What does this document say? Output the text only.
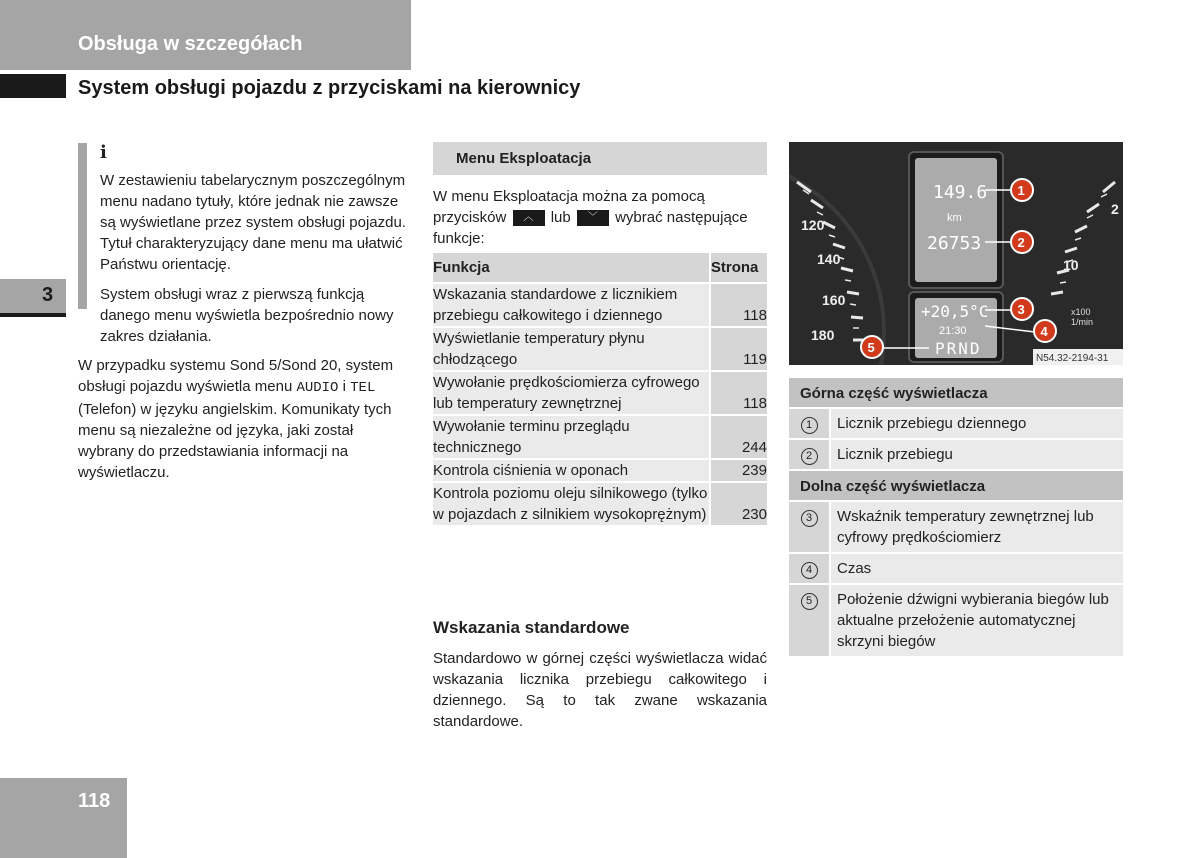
Obsługa w szczegółach
System obsługi pojazdu z przyciskami na kierownicy
3
118
i
W zestawieniu tabelarycznym poszczególnym menu nadano tytuły, które jednak nie zawsze są wyświetlane przez system obsługi pojazdu. Tytuł charakteryzujący dane menu ma ułatwić Państwu orientację.
System obsługi wraz z pierwszą funkcją danego menu wyświetla bezpośrednio nowy zakres działania.
W przypadku systemu Sond 5/Sond 20, system obsługi pojazdu wyświetla menu AUDIO i TEL (Telefon) w języku angielskim. Komunikaty tych menu są niezależne od języka, jaki został wybrany do przedstawiania informacji na wyświetlaczu.
Menu Eksploatacja
W menu Eksploatacja można za pomocą przycisków ︿ lub ﹀ wybrać następujące funkcje:
Funkcja	Strona
Wskazania standardowe z licznikiem przebiegu całkowitego i dziennego	118
Wyświetlanie temperatury płynu chłodzącego	119
Wywołanie prędkościomierza cyfrowego lub temperatury zewnętrznej	118
Wywołanie terminu przeglądu technicznego	244
Kontrola ciśnienia w oponach	239
Kontrola poziomu oleju silnikowego (tylko w pojazdach z silnikiem wysokoprężnym)	230
Wskazania standardowe
Standardowo w górnej części wyświetlacza widać wskazania licznika przebiegu całkowitego i dziennego. Są to tak zwane wskazania standardowe.
120
140
160
180
10
2
x100
1/min
149.6
km
26753
+20,5°C
21:30
PRND
1
2
3
4
5
N54.32-2194-31
Górna część wyświetlacza	
1	Licznik przebiegu dziennego
2	Licznik przebiegu
Dolna część wyświetlacza	
3	Wskaźnik temperatury zewnętrznej lub cyfrowy prędkościomierz
4	Czas
5	Położenie dźwigni wybierania biegów lub aktualne przełożenie automatycznej skrzyni biegów
